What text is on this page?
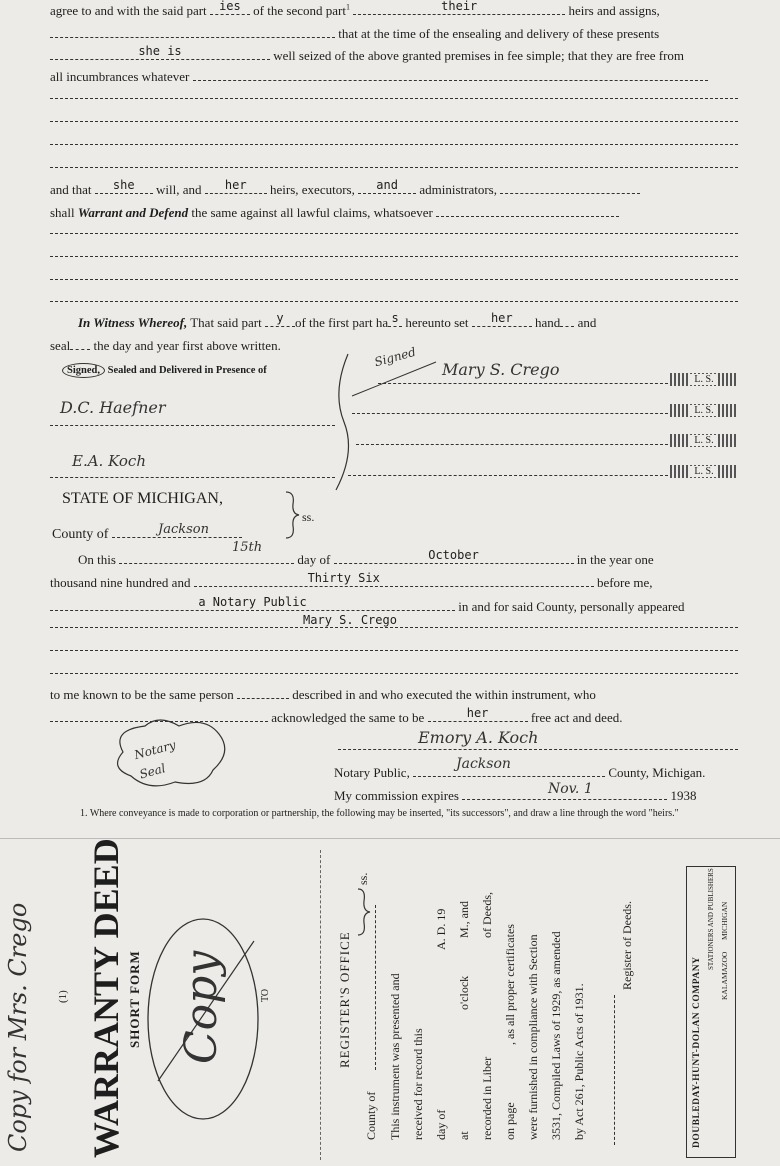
agree to and with the said part	ies of the second part$^1$	their	heirs and assigns,
that at the time of the ensealing and delivery of these presents
she is	well seized of the above granted premises in fee simple; that they are free from
all incumbrances whatever
and that	she	will, and	her	heirs, executors,	and	administrators,
shall Warrant and Defend the same against all lawful claims, whatsoever
In Witness Whereof, That said part	y of the first part ha s hereunto set	her	hand and
seal the day and year first above written.
Signed, Sealed and Delivered in Presence of
Signed
Mary S. Crego
L. S.
L. S.
L. S.
L. S.
D.C. Haefner
E.A. Koch
STATE OF MICHIGAN,
County of	Jackson
ss.
On this	day of	October	in the year one
15th
thousand nine hundred and	Thirty Six	before me,
a Notary Public	in and for said County, personally appeared
Mary S. Crego
to me known to be the same person	described in and who executed the within instrument, who
acknowledged the same to be	her	free act and deed.
Notary Seal
Emory A. Koch
Notary Public,	County, Michigan.
Jackson
My commission expires	1938
Nov. 1
1. Where conveyance is made to corporation or partnership, the following may be inserted, "its successors", and draw a line through the word "heirs."
Copy for Mrs. Crego (1) WARRANTY DEED SHORT FORM Copy	TO	REGISTER'S OFFICE
ss.
County of This instrument was presented and received for record this day of
A. D. 19
at
o'clock
M., and
recorded in Liber
of Deeds,
on page
, as all proper certificates were furnished in compliance with Section 3531, Compiled Laws of 1929, as amended by Act 261, Public Acts of 1931.
Register of Deeds.
DOUBLEDAY-HUNT-DOLAN COMPANY
STATIONERS AND PUBLISHERS
KALAMAZOO
MICHIGAN
